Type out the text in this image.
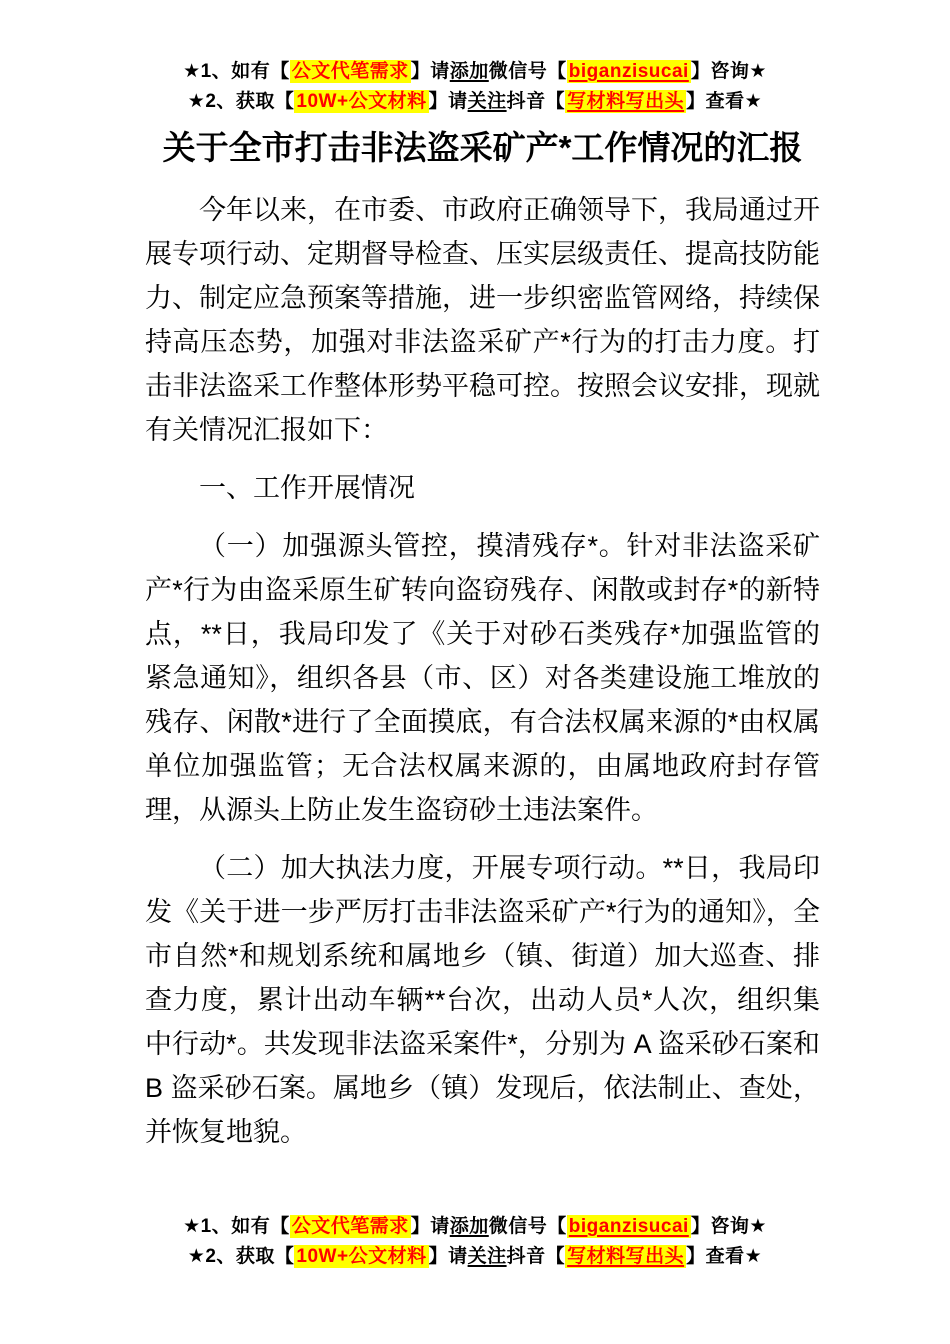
★1、如有【 公文代笔需求 】请添加微信号【 biganzisucai 】咨询★

★2、获取【 10W+公文材料 】请关注抖音【 写材料写出头 】查看★

关于全市打击非法盗采矿产*工作情况的汇报

今年以来，在市委、市政府正确领导下，我局通过开展专项行动、定期督导检查、压实层级责任、提高技防能力、制定应急预案等措施，进一步织密监管网络，持续保持高压态势，加强对非法盗采矿产*行为的打击力度。打击非法盗采工作整体形势平稳可控。按照会议安排，现就有关情况汇报如下：

一、工作开展情况

（一）加强源头管控，摸清残存*。针对非法盗采矿产*行为由盗采原生矿转向盗窃残存、闲散或封存*的新特点，**日，我局印发了《关于对砂石类残存*加强监管的紧急通知》，组织各县（市、区）对各类建设施工堆放的残存、闲散*进行了全面摸底，有合法权属来源的*由权属单位加强监管；无合法权属来源的，由属地政府封存管理，从源头上防止发生盗窃砂土违法案件。

（二）加大执法力度，开展专项行动。**日，我局印发《关于进一步严厉打击非法盗采矿产*行为的通知》，全市自然*和规划系统和属地乡（镇、街道）加大巡查、排查力度，累计出动车辆**台次，出动人员*人次，组织集中行动*。共发现非法盗采案件*，分别为 A 盗采砂石案和 B 盗采砂石案。属地乡（镇）发现后，依法制止、查处，并恢复地貌。

★1、如有【 公文代笔需求 】请添加微信号【 biganzisucai 】咨询★

★2、获取【 10W+公文材料 】请关注抖音【 写材料写出头 】查看★
